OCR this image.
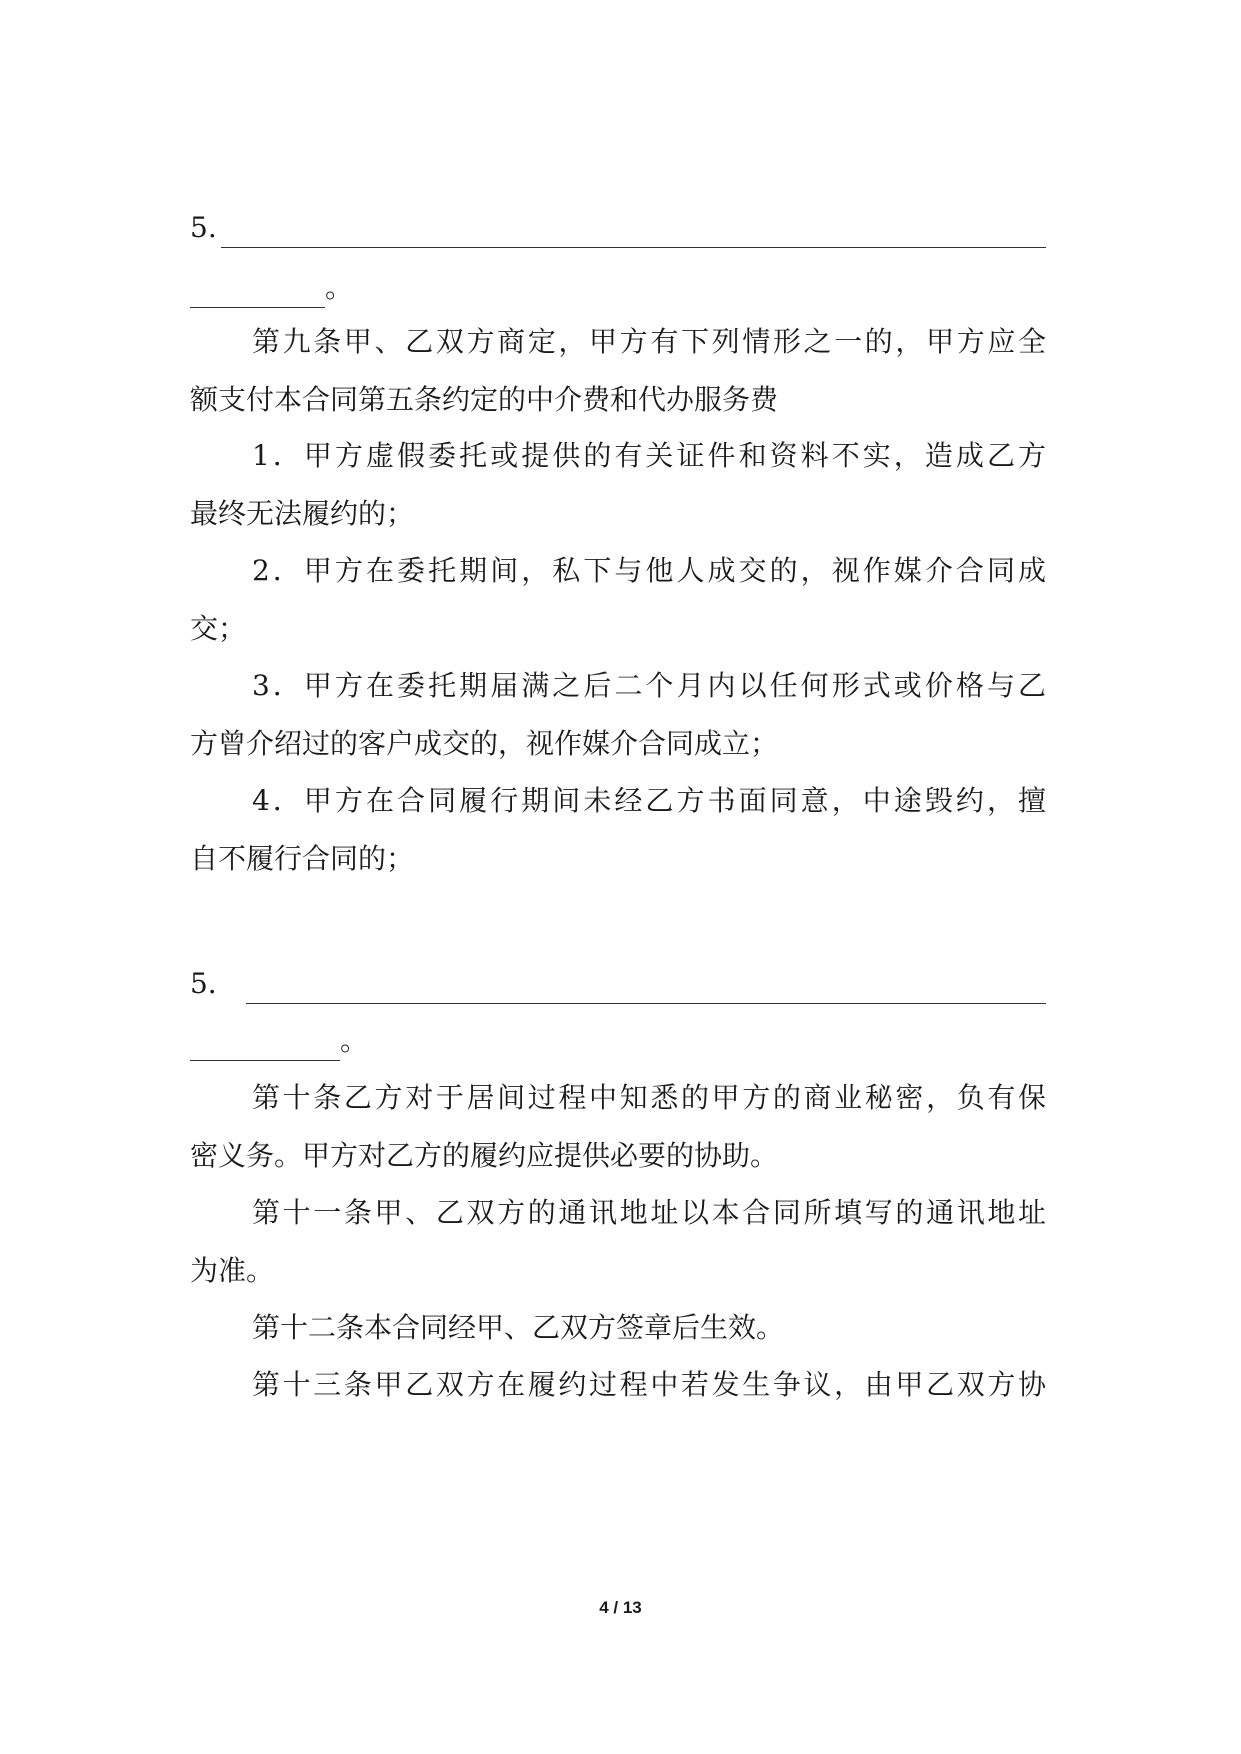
5.
。
第九条甲、乙双方商定，甲方有下列情形之一的，甲方应全
额支付本合同第五条约定的中介费和代办服务费
1．甲方虚假委托或提供的有关证件和资料不实，造成乙方
最终无法履约的；
2．甲方在委托期间，私下与他人成交的，视作媒介合同成
交；
3．甲方在委托期届满之后二个月内以任何形式或价格与乙
方曾介绍过的客户成交的，视作媒介合同成立；
4．甲方在合同履行期间未经乙方书面同意，中途毁约，擅
自不履行合同的；
5．
。
第十条乙方对于居间过程中知悉的甲方的商业秘密，负有保
密义务。甲方对乙方的履约应提供必要的协助。
第十一条甲、乙双方的通讯地址以本合同所填写的通讯地址
为准。
第十二条本合同经甲、乙双方签章后生效。
第十三条甲乙双方在履约过程中若发生争议，由甲乙双方协
4 / 13
